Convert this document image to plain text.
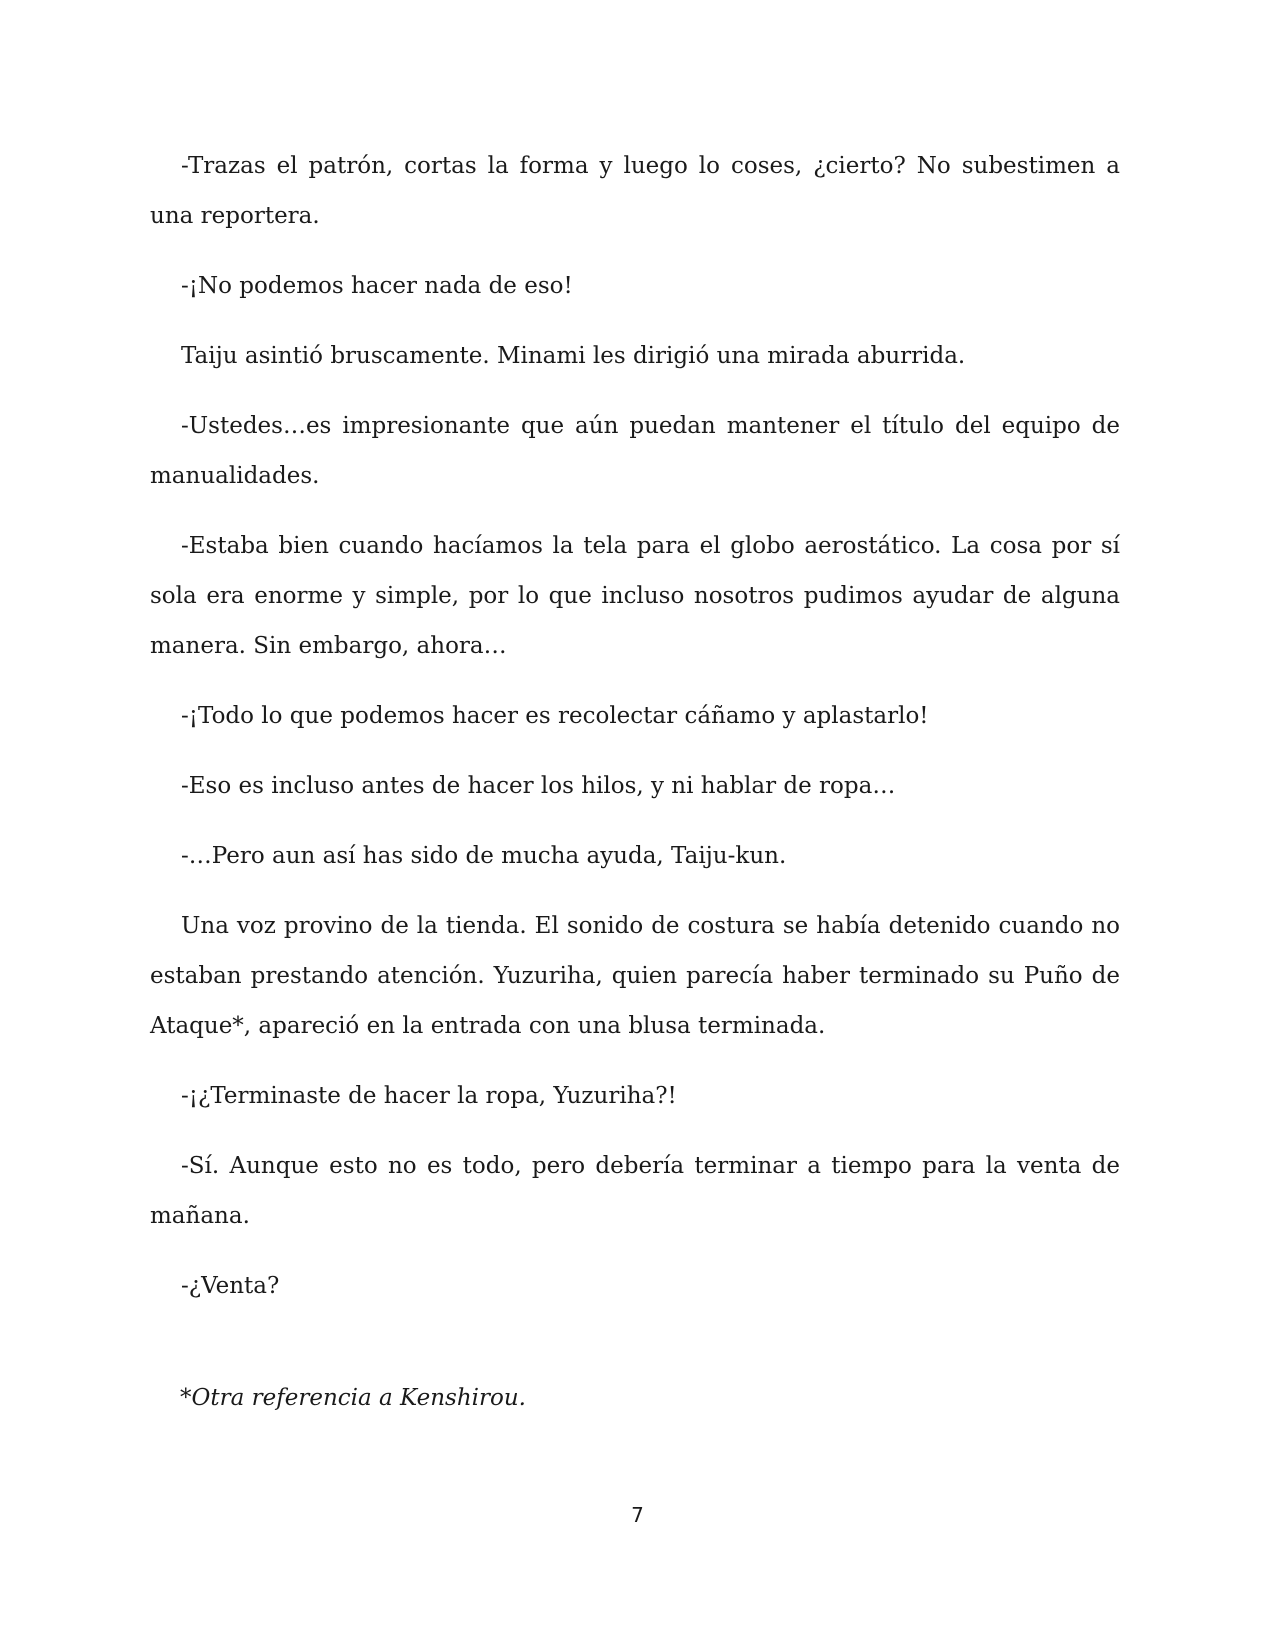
-Trazas el patrón, cortas la forma y luego lo coses, ¿cierto? No subestimen a una reportera.

-¡No podemos hacer nada de eso!

Taiju asintió bruscamente. Minami les dirigió una mirada aburrida.

-Ustedes…es impresionante que aún puedan mantener el título del equipo de manualidades.

-Estaba bien cuando hacíamos la tela para el globo aerostático. La cosa por sí sola era enorme y simple, por lo que incluso nosotros pudimos ayudar de alguna manera. Sin embargo, ahora…

-¡Todo lo que podemos hacer es recolectar cáñamo y aplastarlo!

-Eso es incluso antes de hacer los hilos, y ni hablar de ropa…

-…Pero aun así has sido de mucha ayuda, Taiju-kun.

Una voz provino de la tienda. El sonido de costura se había detenido cuando no estaban prestando atención. Yuzuriha, quien parecía haber terminado su Puño de Ataque*, apareció en la entrada con una blusa terminada.

-¡¿Terminaste de hacer la ropa, Yuzuriha?!

-Sí. Aunque esto no es todo, pero debería terminar a tiempo para la venta de mañana.

-¿Venta?

*Otra referencia a Kenshirou.

7
